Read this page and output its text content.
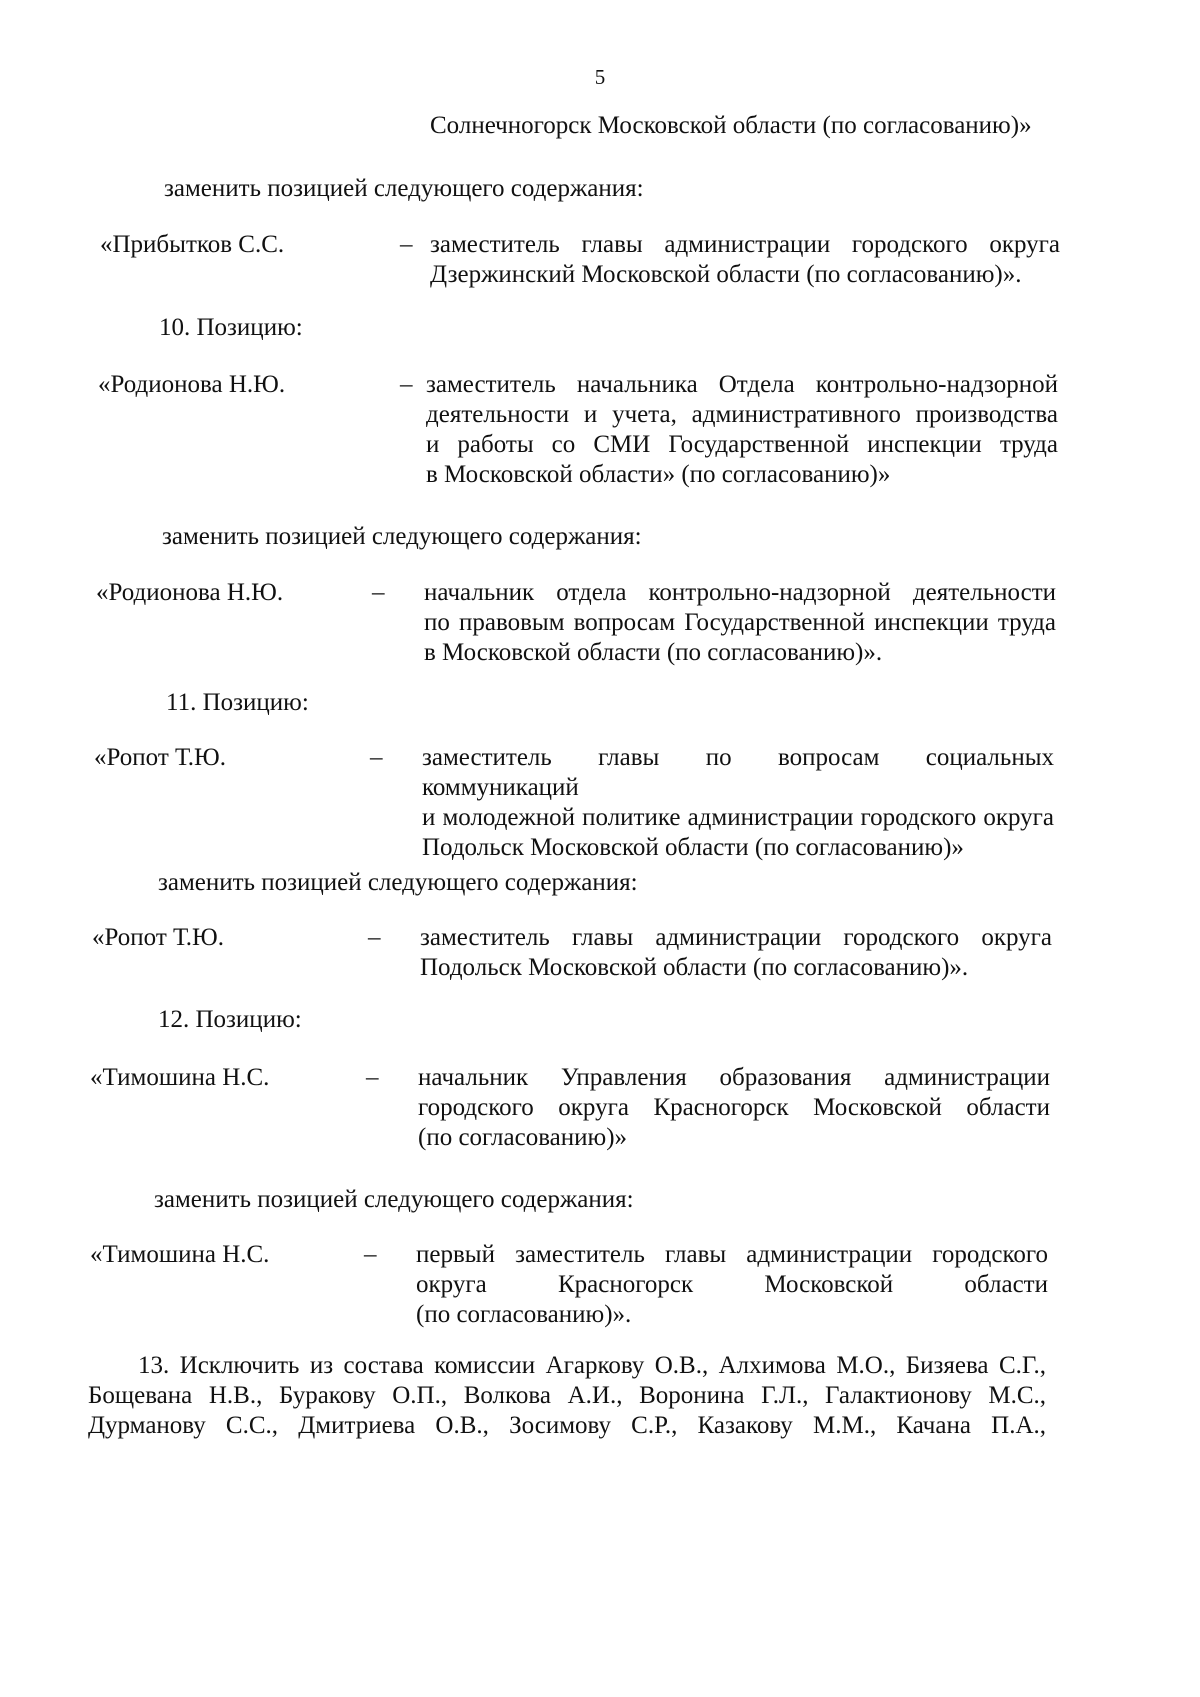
5
Солнечногорск Московской области (по согласованию)»
заменить позицией следующего содержания:
«Прибытков С.С.	– заместитель главы администрации городского округа
Дзержинский Московской области (по согласованию)».
10. Позицию:
«Родионова Н.Ю.	– заместитель начальника Отдела контрольно-надзорной
деятельности и учета, административного производства
и работы со СМИ Государственной инспекции труда
в Московской области» (по согласованию)»
заменить позицией следующего содержания:
«Родионова Н.Ю.	– начальник отдела контрольно-надзорной деятельности
по правовым вопросам Государственной инспекции труда
в Московской области (по согласованию)».
11. Позицию:
«Ропот Т.Ю.	– заместитель главы по вопросам социальных коммуникаций
и молодежной политике администрации городского округа
Подольск Московской области (по согласованию)»
заменить позицией следующего содержания:
«Ропот Т.Ю.	– заместитель главы администрации городского округа
Подольск Московской области (по согласованию)».
12. Позицию:
«Тимошина Н.С.	– начальник Управления образования администрации
городского округа Красногорск Московской области
(по согласованию)»
заменить позицией следующего содержания:
«Тимошина Н.С.	– первый заместитель главы администрации городского
округа Красногорск Московской области
(по согласованию)».
13. Исключить из состава комиссии Агаркову О.В., Алхимова М.О., Бизяева С.Г.,
Бощевана Н.В., Буракову О.П., Волкова А.И., Воронина Г.Л., Галактионову М.С.,
Дурманову С.С., Дмитриева О.В., Зосимову С.Р., Казакову М.М., Качана П.А.,
